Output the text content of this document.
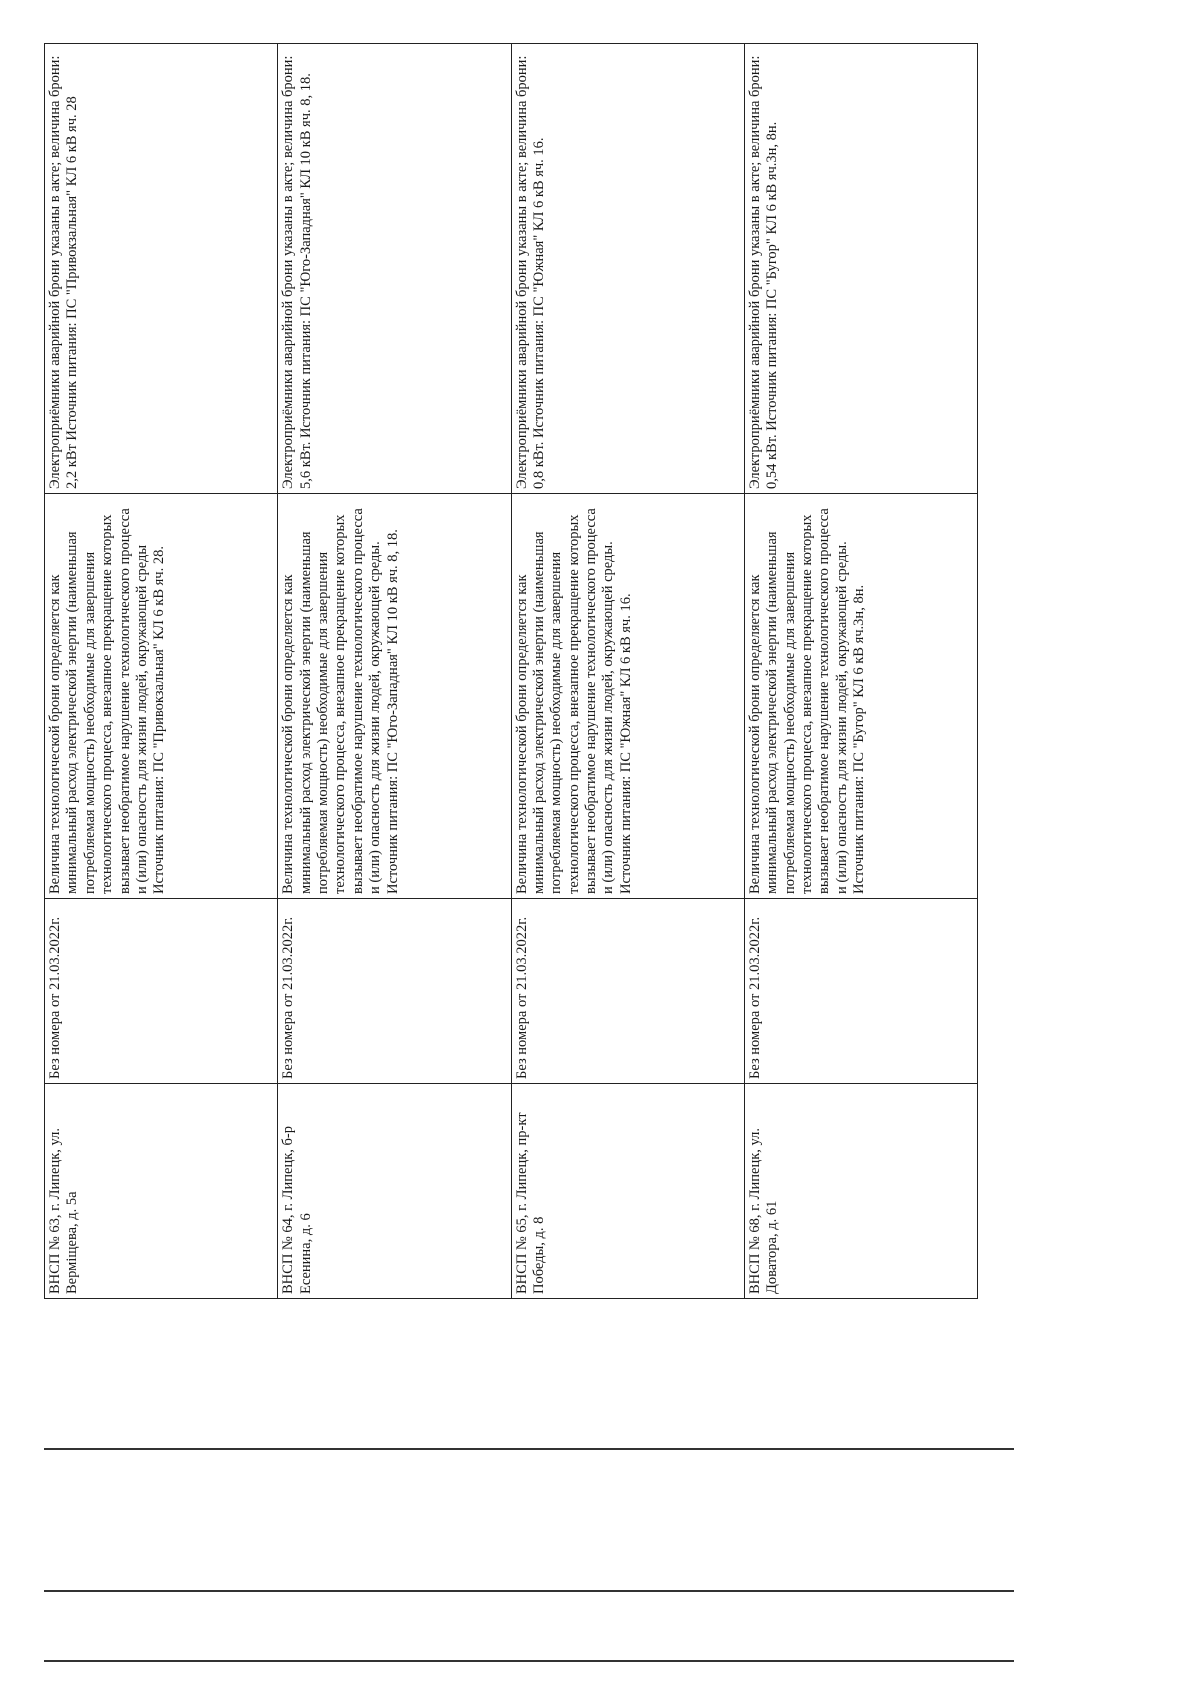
ВНСП № 63, г. Липецк, ул. Верміщева, д. 5а	Без номера от 21.03.2022г.	Величина технологической брони определяется как минимальный расход электрической энергии (наименьшая потребляемая мощность) необходимые для завершения технологического процесса, внезапное прекращение которых вызывает необратимое нарушение технологического процесса и (или) опасность для жизни людей, окружающей среды Источник питания: ПС "Привокзальная" КЛ 6 кВ яч. 28.	Электроприёмники аварийной брони указаны в акте; величина брони: 2,2 кВт Источник питания: ПС "Привокзальная" КЛ 6 кВ яч. 28
ВНСП № 64, г. Липецк, б-р Есенина, д. 6	Без номера от 21.03.2022г.	Величина технологической брони определяется как минимальный расход электрической энергии (наименьшая потребляемая мощность) необходимые для завершения технологического процесса, внезапное прекращение которых вызывает необратимое нарушение технологического процесса и (или) опасность для жизни людей, окружающей среды. Источник питания: ПС "Юго-Западная" КЛ 10 кВ яч. 8, 18.	Электроприёмники аварийной брони указаны в акте; величина брони: 5,6 кВт. Источник питания: ПС "Юго-Западная" КЛ 10 кВ яч. 8, 18.
ВНСП № 65, г. Липецк, пр-кт Победы, д. 8	Без номера от 21.03.2022г.	Величина технологической брони определяется как минимальный расход электрической энергии (наименьшая потребляемая мощность) необходимые для завершения технологического процесса, внезапное прекращение которых вызывает необратимое нарушение технологического процесса и (или) опасность для жизни людей, окружающей среды. Источник питания: ПС "Южная" КЛ 6 кВ яч. 16.	Электроприёмники аварийной брони указаны в акте; величина брони: 0,8 кВт. Источник питания: ПС "Южная" КЛ 6 кВ яч. 16.
ВНСП № 68, г. Липецк, ул. Доватора, д. 61	Без номера от 21.03.2022г.	Величина технологической брони определяется как минимальный расход электрической энергии (наименьшая потребляемая мощность) необходимые для завершения технологического процесса, внезапное прекращение которых вызывает необратимое нарушение технологического процесса и (или) опасность для жизни людей, окружающей среды. Источник питания: ПС "Бугор" КЛ 6 кВ яч.3н, 8н.	Электроприёмники аварийной брони указаны в акте; величина брони: 0,54 кВт. Источник питания: ПС "Бугор" КЛ 6 кВ яч.3н, 8н.
